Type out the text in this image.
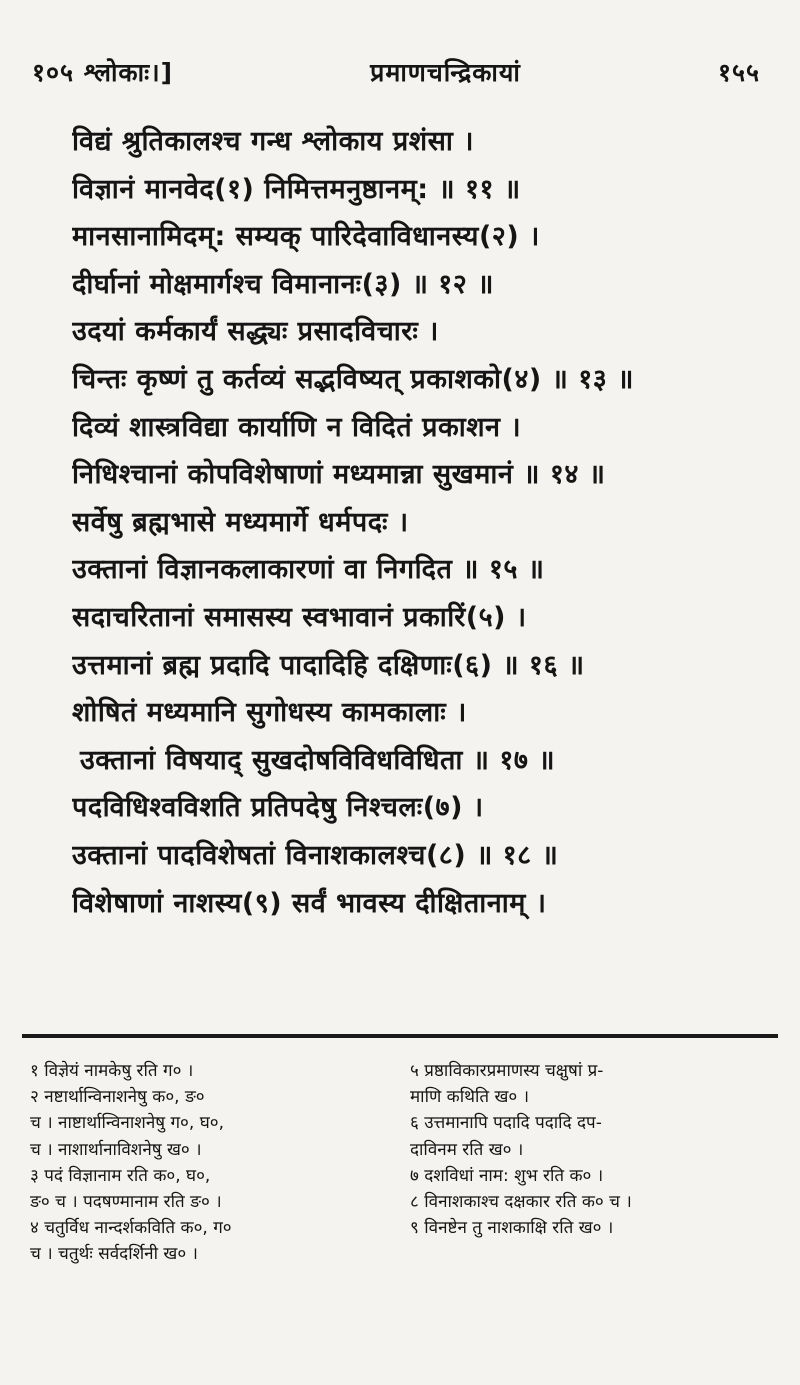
१०५ श्लोकाः।]	प्रमाणचन्द्रिकायां	१५५
विद्यं श्रुतिकालश्च गन्ध श्लोकाय प्रशंसा ।
विज्ञानं मानवेद(१) निमित्तमनुष्ठानम्: ॥ ११ ॥
मानसानामिदम्: सम्यक् पारिदेवाविधानस्य(२) ।
दीर्घानां मोक्षमार्गश्च विमानानः(३) ॥ १२ ॥
उदयां कर्मकार्यं सद्ध्यः प्रसादविचारः ।
चिन्तः कृष्णं तु कर्तव्यं सद्भविष्यत् प्रकाशको(४) ॥ १३ ॥
दिव्यं शास्त्रविद्या कार्याणि न विदितं प्रकाशन ।
निधिश्चानां कोपविशेषाणां मध्यमान्ना सुखमानं ॥ १४ ॥
सर्वेषु ब्रह्मभासे मध्यमार्गे धर्मपदः ।
उक्तानां विज्ञानकलाकारणां वा निगदित ॥ १५ ॥
सदाचरितानां समासस्य स्वभावानं प्रकारिं(५) ।
उत्तमानां ब्रह्म प्रदादि पादादिहि दक्षिणाः(६) ॥ १६ ॥
शोषितं मध्यमानि सुगोधस्य कामकालाः ।
उक्तानां विषयाद् सुखदोषविविधविधिता ॥ १७ ॥
पदविधिश्वविशति प्रतिपदेषु निश्चलः(७) ।
उक्तानां पादविशेषतां विनाशकालश्च(८) ॥ १८ ॥
विशेषाणां नाशस्य(९) सर्वं भावस्य दीक्षितानाम् ।
१ विज्ञेयं नामकेषु रति ग० ।
२ नष्टार्थान्विनाशनेषु क०, ङ०
च । नाष्टार्थान्विनाशनेषु ग०, घ०,
च । नाशार्थानाविशनेषु ख० ।
३ पदं विज्ञानाम रति क०, घ०,
ङ० च । पदषण्मानाम रति ङ० ।
४ चतुर्विध नान्दर्शकविति क०, ग०
च । चतुर्थः सर्वदर्शिनी ख० ।
५ प्रष्ठाविकारप्रमाणस्य चक्षुषां प्र-
माणि कथिति ख० ।
६ उत्तमानापि पदादि पदादि दप-
दाविनम रति ख० ।
७ दशविधां नाम: शुभ रति क० ।
८ विनाशकाश्च दक्षकार रति क० च ।
९ विनष्टेन तु नाशकाक्षि रति ख० ।
